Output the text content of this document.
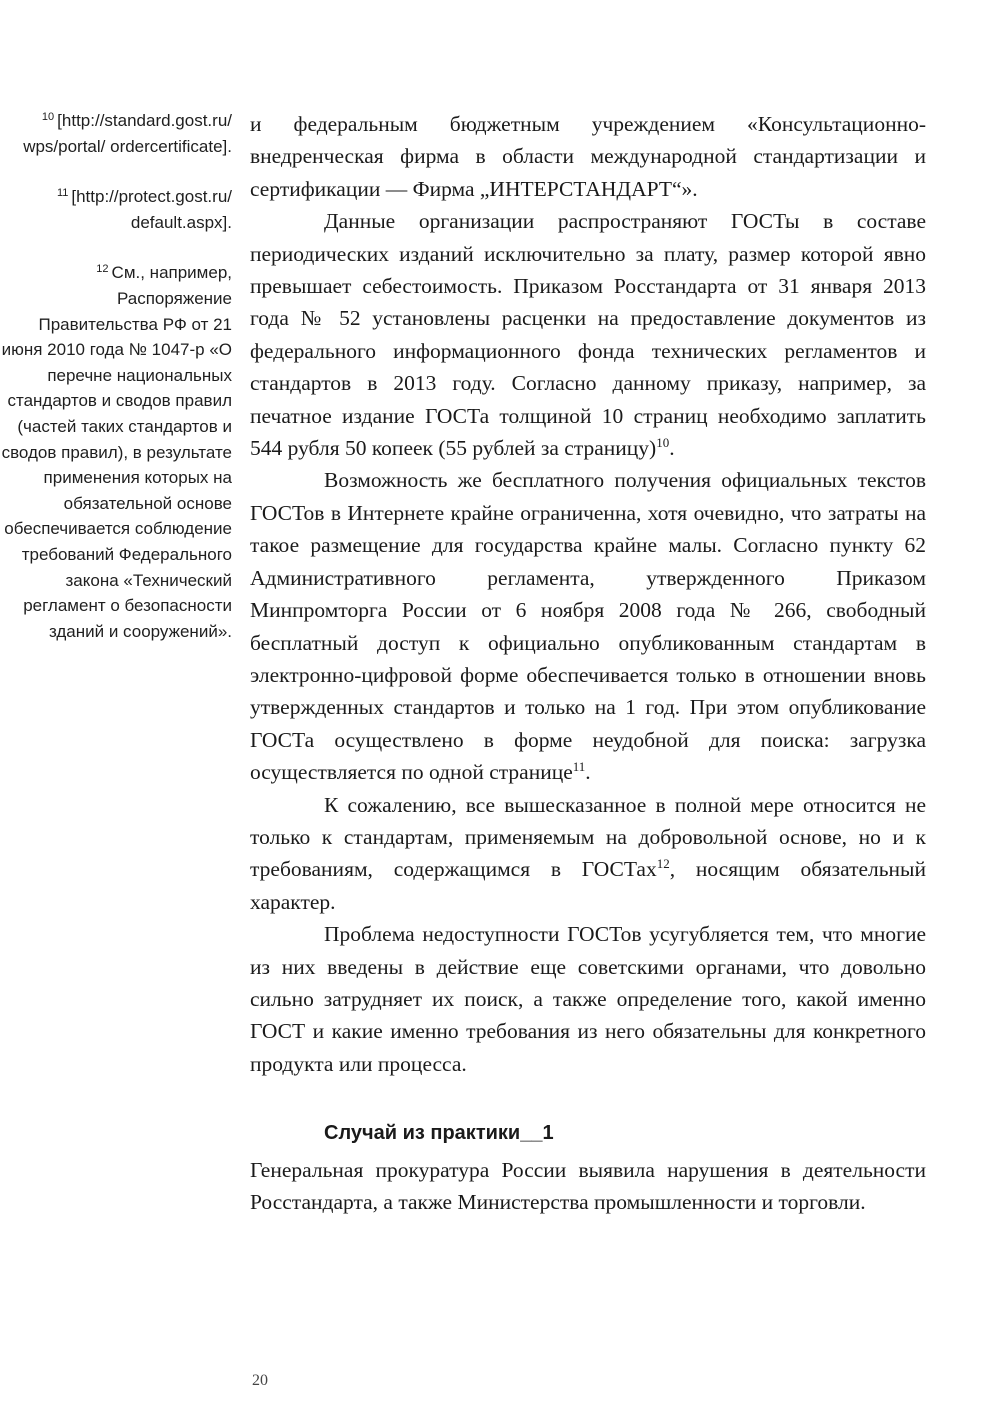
$^{10}$ [http://standard.gost.ru/ wps/portal/ ordercertificate].

$^{11}$ [http://protect.gost.ru/ default.aspx].

$^{12}$ См., например, Распоряжение Правительства РФ от 21 июня 2010 года № 1047-р «О перечне национальных стандартов и сводов правил (частей таких стандартов и сводов правил), в результате применения которых на обязательной основе обеспечивается соблюдение требований Федерального закона «Технический регламент о безопасности зданий и сооружений».

и федеральным бюджетным учреждением «Консультационно-внедренческая фирма в области международной стандартизации и сертификации — Фирма „ИНТЕРСТАНДАРТ“».

Данные организации распространяют ГОСТы в составе периодических изданий исключительно за плату, размер которой явно превышает себестоимость. Приказом Росстандарта от 31 января 2013 года № 52 установлены расценки на предоставление документов из федерального информационного фонда технических регламентов и стандартов в 2013 году. Согласно данному приказу, например, за печатное издание ГОСТа толщиной 10 страниц необходимо заплатить 544 рубля 50 копеек (55 рублей за страницу)$^{10}$.

Возможность же бесплатного получения официальных текстов ГОСТов в Интернете крайне ограниченна, хотя очевидно, что затраты на такое размещение для государства крайне малы. Согласно пункту 62 Административного регламента, утвержденного Приказом Минпромторга России от 6 ноября 2008 года № 266, свободный бесплатный доступ к официально опубликованным стандартам в электронно-цифровой форме обеспечивается только в отношении вновь утвержденных стандартов и только на 1 год. При этом опубликование ГОСТа осуществлено в форме неудобной для поиска: загрузка осуществляется по одной странице$^{11}$.

К сожалению, все вышесказанное в полной мере относится не только к стандартам, применяемым на добровольной основе, но и к требованиям, содержащимся в ГОСТах$^{12}$, носящим обязательный характер.

Проблема недоступности ГОСТов усугубляется тем, что многие из них введены в действие еще советскими органами, что довольно сильно затрудняет их поиск, а также определение того, какой именно ГОСТ и какие именно требования из него обязательны для конкретного продукта или процесса.

Случай из практики__1

Генеральная прокуратура России выявила нарушения в деятельности Росстандарта, а также Министерства промышленности и торговли.

20
